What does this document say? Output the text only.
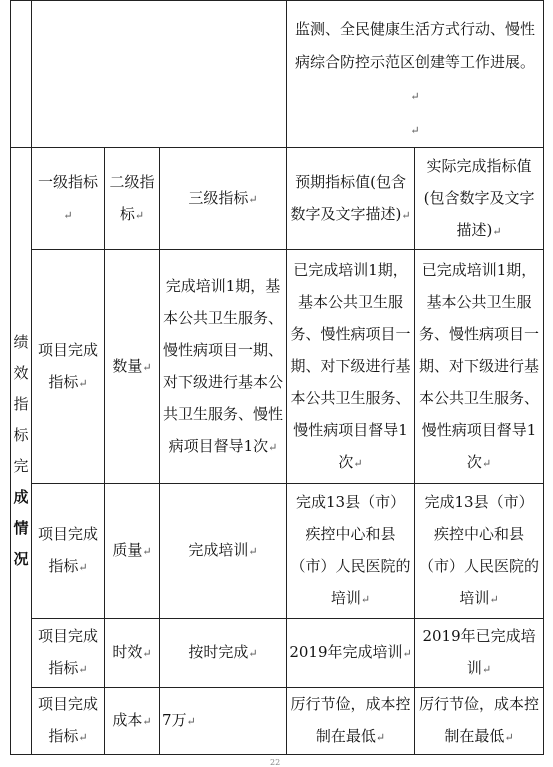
				监测、全民健康生活方式行动、慢性病综合防控示范区创建等工作进展。↵
↵	
绩效指标完成情况	一级指标↵	二级指标↵	三级指标↵	预期指标值(包含数字及文字描述)↵	实际完成指标值(包含数字及文字描述)↵
	项目完成指标↵	数量↵	完成培训1期，基本公共卫生服务、慢性病项目一期、对下级进行基本公共卫生服务、慢性病项目督导1次↵	已完成培训1期，基本公共卫生服务、慢性病项目一期、对下级进行基本公共卫生服务、慢性病项目督导1次↵	已完成培训1期，基本公共卫生服务、慢性病项目一期、对下级进行基本公共卫生服务、慢性病项目督导1次↵
	项目完成指标↵	质量↵	完成培训↵	完成13县（市）疾控中心和县（市）人民医院的培训↵	完成13县（市）疾控中心和县（市）人民医院的培训↵
	项目完成指标↵	时效↵	按时完成↵	2019年完成培训↵	2019年已完成培训↵
	项目完成指标↵	成本↵	7万↵	厉行节俭，成本控制在最低↵	厉行节俭，成本控制在最低↵
22
